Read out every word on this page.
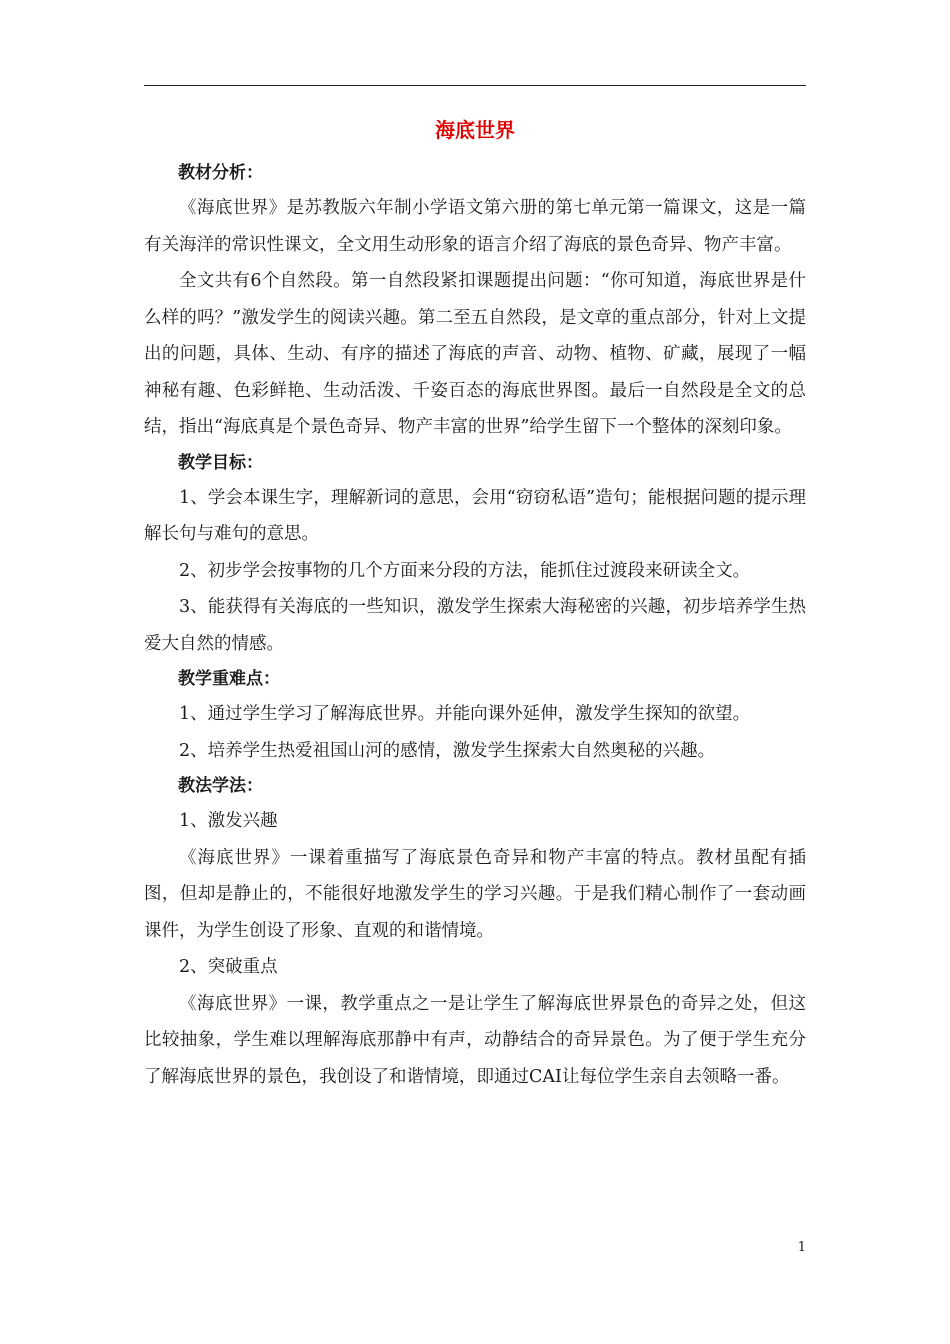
海底世界
教材分析：

《海底世界》是苏教版六年制小学语文第六册的第七单元第一篇课文，这是一篇有关海洋的常识性课文，全文用生动形象的语言介绍了海底的景色奇异、物产丰富。

全文共有6个自然段。第一自然段紧扣课题提出问题：“你可知道，海底世界是什么样的吗？”激发学生的阅读兴趣。第二至五自然段，是文章的重点部分，针对上文提出的问题，具体、生动、有序的描述了海底的声音、动物、植物、矿藏，展现了一幅神秘有趣、色彩鲜艳、生动活泼、千姿百态的海底世界图。最后一自然段是全文的总结，指出“海底真是个景色奇异、物产丰富的世界”给学生留下一个整体的深刻印象。

教学目标：

1、学会本课生字，理解新词的意思，会用“窃窃私语”造句；能根据问题的提示理解长句与难句的意思。

2、初步学会按事物的几个方面来分段的方法，能抓住过渡段来研读全文。

3、能获得有关海底的一些知识，激发学生探索大海秘密的兴趣，初步培养学生热爱大自然的情感。

教学重难点：

1、通过学生学习了解海底世界。并能向课外延伸，激发学生探知的欲望。

2、培养学生热爱祖国山河的感情，激发学生探索大自然奥秘的兴趣。

教法学法：

1、激发兴趣

《海底世界》一课着重描写了海底景色奇异和物产丰富的特点。教材虽配有插图，但却是静止的，不能很好地激发学生的学习兴趣。于是我们精心制作了一套动画课件，为学生创设了形象、直观的和谐情境。

2、突破重点

《海底世界》一课，教学重点之一是让学生了解海底世界景色的奇异之处，但这比较抽象，学生难以理解海底那静中有声，动静结合的奇异景色。为了便于学生充分了解海底世界的景色，我创设了和谐情境，即通过CAI让每位学生亲自去领略一番。

1
